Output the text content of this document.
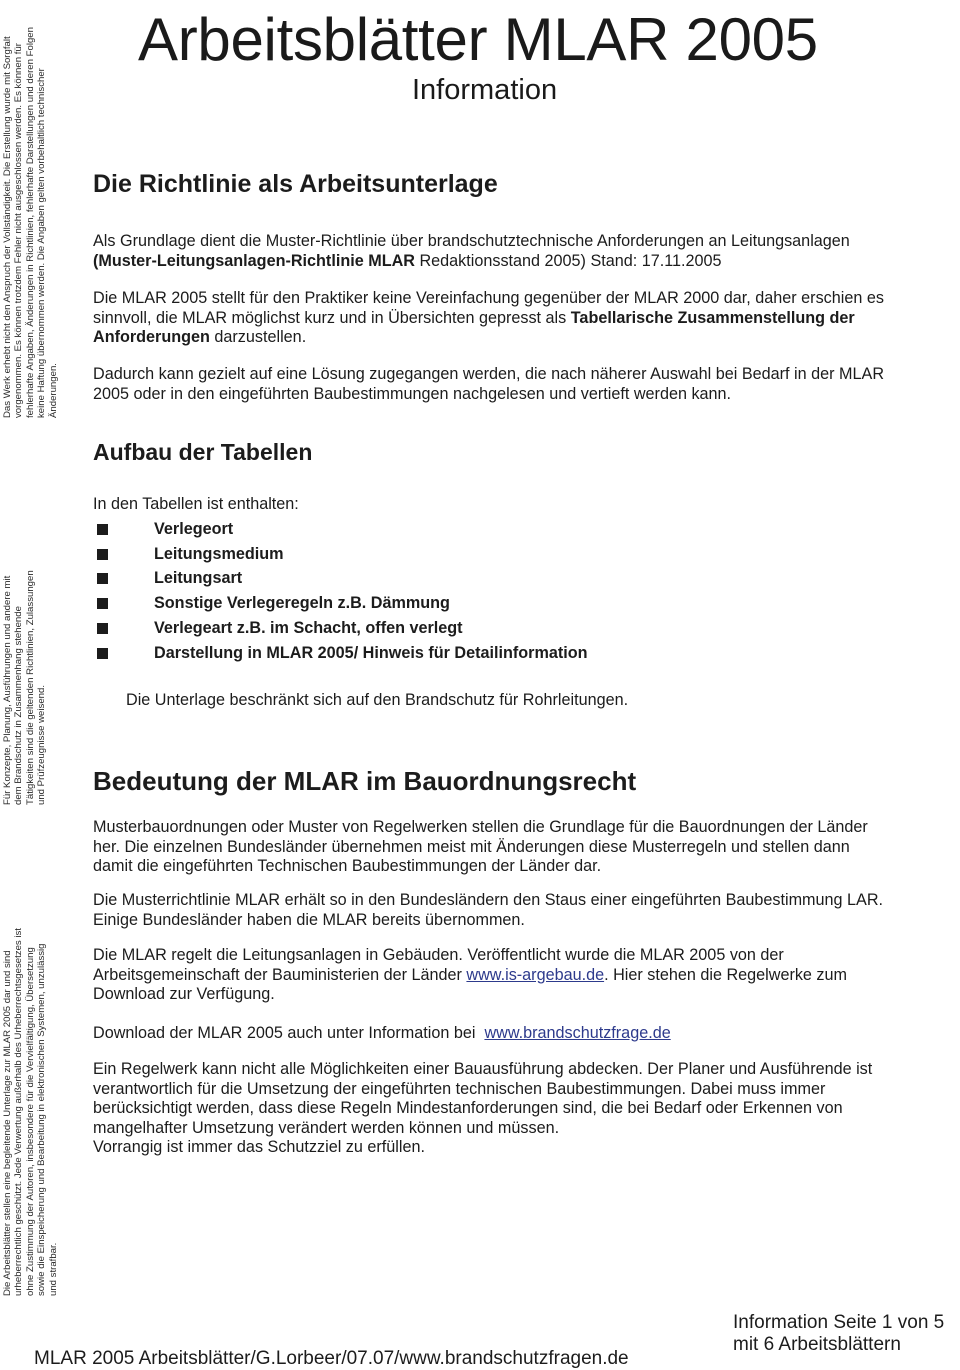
Das Werk erhebt nicht den Anspruch der Vollständigkeit. Die Erstellung wurde mit Sorgfalt vorgenommen. Es können trotzdem Fehler nicht ausgeschlossen werden. Es können für fehlerhafte Angaben, Änderungen in Richtlinien, fehlerhafte Darstellungen und deren Folgen keine Haftung übernommen werden. Die Angaben gelten vorbehaltlich technischer Änderungen.
Für Konzepte, Planung, Ausführungen und andere mit dem Brandschutz in Zusammenhang stehende Tätigkeiten sind die geltenden Richtlinien, Zulassungen und Prüfzeugnisse weisend.
Die Arbeitsblätter stellen eine begleitende Unterlage zur MLAR 2005 dar und sind urheberrechtlich geschützt. Jede Verwertung außerhalb des Urheberrechtsgesetzes ist ohne Zustimmung der Autoren, insbesondere für die Vervielfältigung, Übersetzung sowie die Einspeicherung und Bearbeitung in elektronischen Systemen, unzulässig und strafbar.
Arbeitsblätter MLAR 2005
Information
Die Richtlinie als Arbeitsunterlage
Als Grundlage dient die Muster-Richtlinie über brandschutztechnische Anforderungen an Leitungsanlagen
(Muster-Leitungsanlagen-Richtlinie MLAR Redaktionsstand 2005) Stand: 17.11.2005
Die MLAR 2005 stellt für den Praktiker keine Vereinfachung gegenüber der MLAR 2000 dar, daher erschien es
sinnvoll, die MLAR möglichst kurz und in Übersichten gepresst als Tabellarische Zusammenstellung der
Anforderungen darzustellen.
Dadurch kann gezielt auf eine Lösung zugegangen werden, die nach näherer Auswahl bei Bedarf in der MLAR
2005 oder in den eingeführten Baubestimmungen nachgelesen und vertieft werden kann.
Aufbau der Tabellen
In den Tabellen ist enthalten:
Verlegeort
Leitungsmedium
Leitungsart
Sonstige Verlegeregeln z.B. Dämmung
Verlegeart z.B. im Schacht, offen verlegt
Darstellung in MLAR 2005/ Hinweis für Detailinformation
Die Unterlage beschränkt sich auf den Brandschutz für Rohrleitungen.
Bedeutung der MLAR im Bauordnungsrecht
Musterbauordnungen oder Muster von Regelwerken stellen die Grundlage für die Bauordnungen der Länder
her. Die einzelnen Bundesländer übernehmen meist mit Änderungen diese Musterregeln und stellen dann
damit die eingeführten Technischen Baubestimmungen der Länder dar.
Die Musterrichtlinie MLAR erhält so in den Bundesländern den Staus einer eingeführten Baubestimmung LAR.
Einige Bundesländer haben die MLAR bereits übernommen.
Die MLAR regelt die Leitungsanlagen in Gebäuden. Veröffentlicht wurde die MLAR 2005 von der
Arbeitsgemeinschaft der Bauministerien der Länder www.is-argebau.de. Hier stehen die Regelwerke zum
Download zur Verfügung.
Download der MLAR 2005 auch unter Information bei  www.brandschutzfrage.de
Ein Regelwerk kann nicht alle Möglichkeiten einer Bauausführung abdecken. Der Planer und Ausführende ist
verantwortlich für die Umsetzung der eingeführten technischen Baubestimmungen. Dabei muss immer
berücksichtigt werden, dass diese Regeln Mindestanforderungen sind, die bei Bedarf oder Erkennen von
mangelhafter Umsetzung verändert werden können und müssen.
Vorrangig ist immer das Schutzziel zu erfüllen.
MLAR 2005 Arbeitsblätter/G.Lorbeer/07.07/www.brandschutzfragen.de
Information Seite 1 von 5
mit 6 Arbeitsblättern
